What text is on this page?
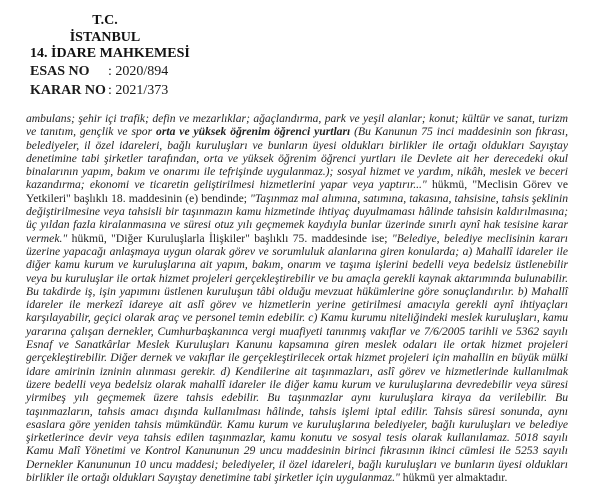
T.C.
İSTANBUL
14. İDARE MAHKEMESİ
ESAS NO : 2020/894
KARAR NO : 2021/373
ambulans; şehir içi trafik; defin ve mezarlıklar; ağaçlandırma, park ve yeşil alanlar; konut; kültür ve sanat, turizm ve tanıtım, gençlik ve spor orta ve yüksek öğrenim öğrenci yurtları (Bu Kanunun 75 inci maddesinin son fıkrası, belediyeler, il özel idareleri, bağlı kuruluşları ve bunların üyesi oldukları birlikler ile ortağı oldukları Sayıştay denetimine tabi şirketler tarafından, orta ve yüksek öğrenim öğrenci yurtları ile Devlete ait her derecedeki okul binalarının yapım, bakım ve onarımı ile tefrişinde uygulanmaz.); sosyal hizmet ve yardım, nikâh, meslek ve beceri kazandırma; ekonomi ve ticaretin geliştirilmesi hizmetlerini yapar veya yaptırır..." hükmü, "Meclisin Görev ve Yetkileri" başlıklı 18. maddesinin (e) bendinde; "Taşınmaz mal alımına, satımına, takasına, tahsisine, tahsis şeklinin değiştirilmesine veya tahsisli bir taşınmazın kamu hizmetinde ihtiyaç duyulmaması hâlinde tahsisin kaldırılmasına; üç yıldan fazla kiralanmasına ve süresi otuz yılı geçmemek kaydıyla bunlar üzerinde sınırlı aynî hak tesisine karar vermek." hükmü, "Diğer Kuruluşlarla İlişkiler" başlıklı 75. maddesinde ise; "Belediye, belediye meclisinin kararı üzerine yapacağı anlaşmaya uygun olarak görev ve sorumluluk alanlarına giren konularda; a) Mahallî idareler ile diğer kamu kurum ve kuruluşlarına ait yapım, bakım, onarım ve taşıma işlerini bedelli veya bedelsiz üstlenebilir veya bu kuruluşlar ile ortak hizmet projeleri gerçekleştirebilir ve bu amaçla gerekli kaynak aktarımında bulunabilir. Bu takdirde iş, işin yapımını üstlenen kuruluşun tâbi olduğu mevzuat hükümlerine göre sonuçlandırılır. b) Mahallî idareler ile merkezî idareye ait aslî görev ve hizmetlerin yerine getirilmesi amacıyla gerekli aynî ihtiyaçları karşılayabilir, geçici olarak araç ve personel temin edebilir. c) Kamu kurumu niteliğindeki meslek kuruluşları, kamu yararına çalışan dernekler, Cumhurbaşkanınca vergi muafiyeti tanınmış vakıflar ve 7/6/2005 tarihli ve 5362 sayılı Esnaf ve Sanatkârlar Meslek Kuruluşları Kanunu kapsamına giren meslek odaları ile ortak hizmet projeleri gerçekleştirebilir. Diğer dernek ve vakıflar ile gerçekleştirilecek ortak hizmet projeleri için mahallin en büyük mülki idare amirinin izninin alınması gerekir. d) Kendilerine ait taşınmazları, aslî görev ve hizmetlerinde kullanılmak üzere bedelli veya bedelsiz olarak mahallî idareler ile diğer kamu kurum ve kuruluşlarına devredebilir veya süresi yirmibeş yılı geçmemek üzere tahsis edebilir. Bu taşınmazlar aynı kuruluşlara kiraya da verilebilir. Bu taşınmazların, tahsis amacı dışında kullanılması hâlinde, tahsis işlemi iptal edilir. Tahsis süresi sonunda, aynı esaslara göre yeniden tahsis mümkündür. Kamu kurum ve kuruluşlarına belediyeler, bağlı kuruluşları ve belediye şirketlerince devir veya tahsis edilen taşınmazlar, kamu konutu ve sosyal tesis olarak kullanılamaz. 5018 sayılı Kamu Malî Yönetimi ve Kontrol Kanununun 29 uncu maddesinin birinci fıkrasının ikinci cümlesi ile 5253 sayılı Dernekler Kanununun 10 uncu maddesi; belediyeler, il özel idareleri, bağlı kuruluşları ve bunların üyesi oldukları birlikler ile ortağı oldukları Sayıştay denetimine tabi şirketler için uygulanmaz." hükmü yer almaktadır.
